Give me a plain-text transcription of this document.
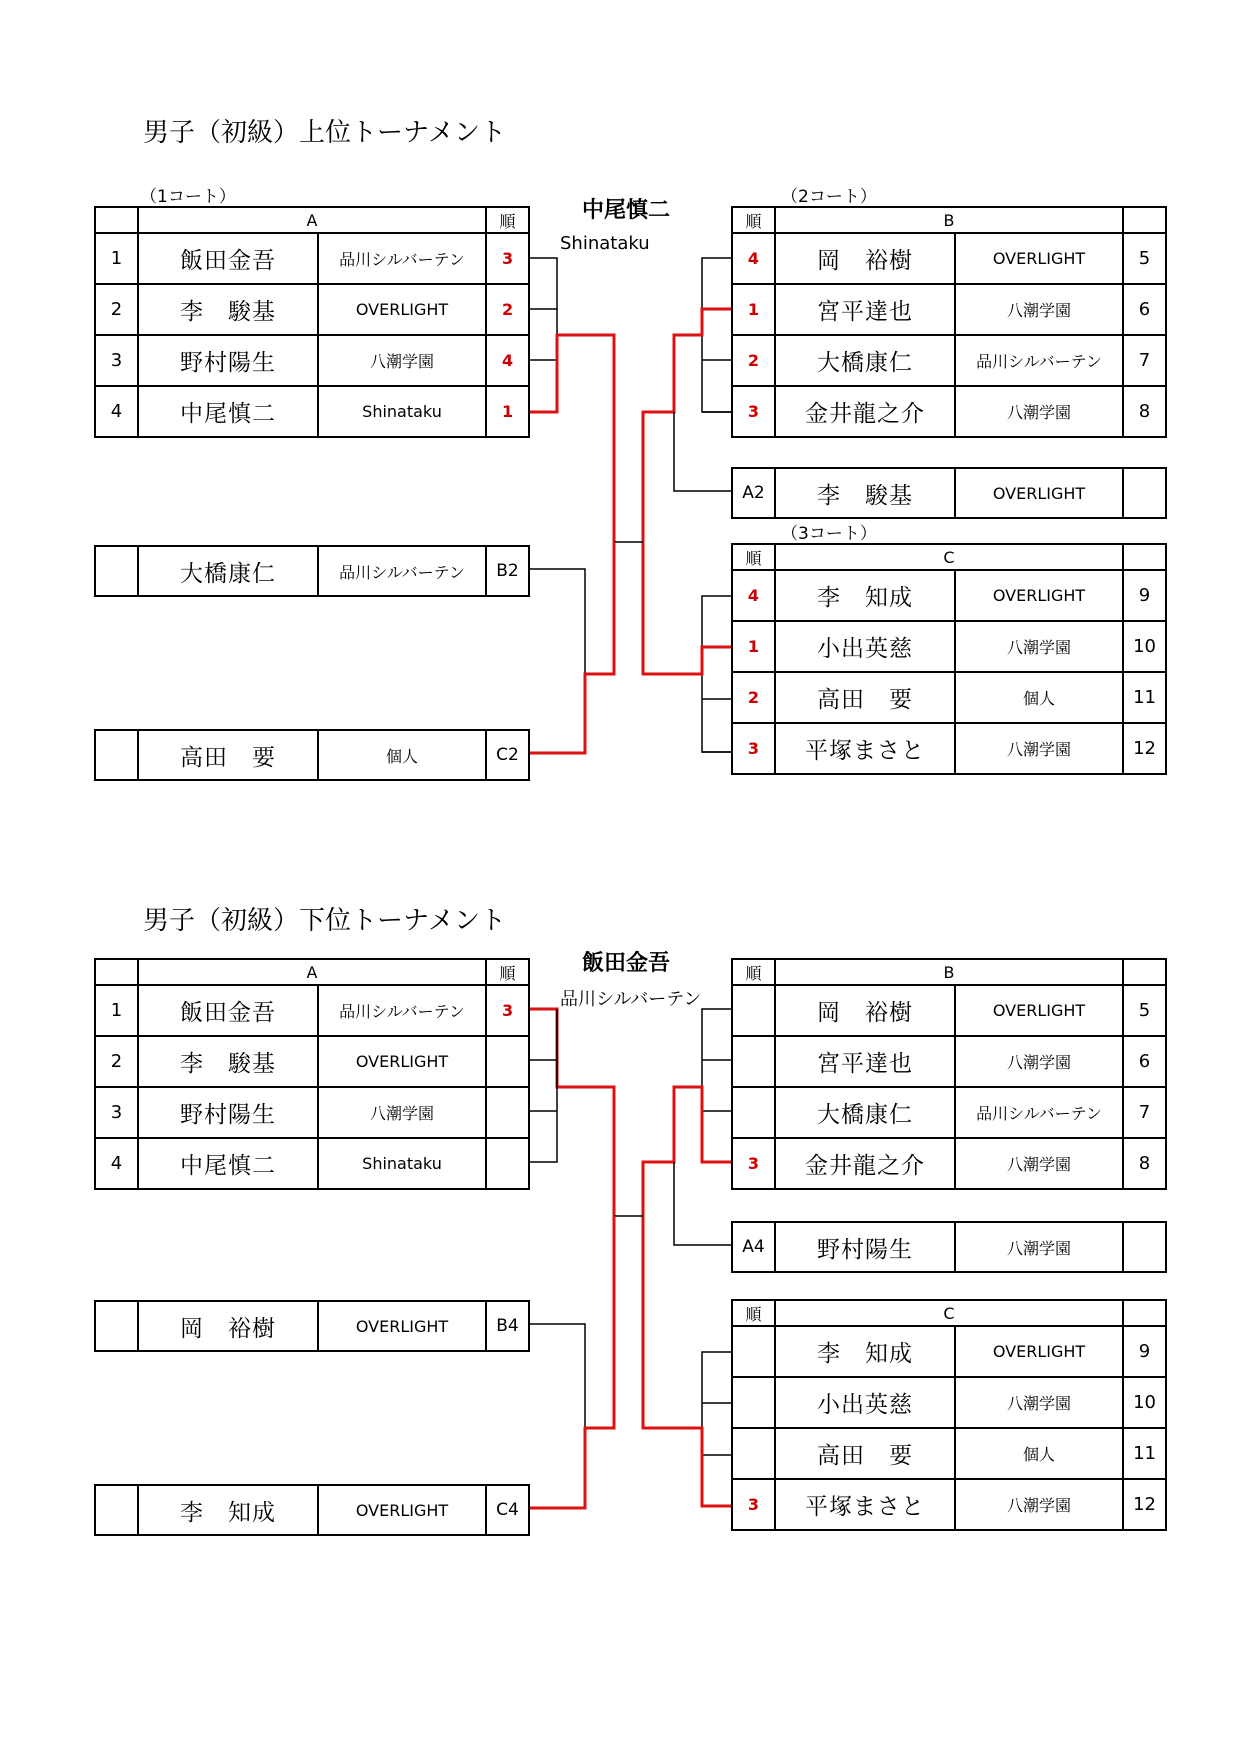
男子（初級）上位トーナメント
（1コート）	（2コート）
（3コート）
中尾慎二
Shinataku
	A		順
1	飯田金吾	品川シルバーテン	3
2	李　駿基	OVERLIGHT	2
3	野村陽生	八潮学園	4
4	中尾慎二	Shinataku	1
順	B		
4	岡　裕樹	OVERLIGHT	5
1	宮平達也	八潮学園	6
2	大橋康仁	品川シルバーテン	7
3	金井龍之介	八潮学園	8
A2	李　駿基	OVERLIGHT	
順	C		
4	李　知成	OVERLIGHT	9
1	小出英慈	八潮学園	10
2	高田　要	個人	11
3	平塚まさと	八潮学園	12
	大橋康仁	品川シルバーテン	B2
	高田　要	個人	C2
男子（初級）下位トーナメント
飯田金吾
品川シルバーテン
	A		順
1	飯田金吾	品川シルバーテン	3
2	李　駿基	OVERLIGHT	
3	野村陽生	八潮学園	
4	中尾慎二	Shinataku	
順	B		
	岡　裕樹	OVERLIGHT	5
	宮平達也	八潮学園	6
	大橋康仁	品川シルバーテン	7
3	金井龍之介	八潮学園	8
A4	野村陽生	八潮学園	
順	C		
	李　知成	OVERLIGHT	9
	小出英慈	八潮学園	10
	高田　要	個人	11
3	平塚まさと	八潮学園	12
	岡　裕樹	OVERLIGHT	B4
	李　知成	OVERLIGHT	C4
